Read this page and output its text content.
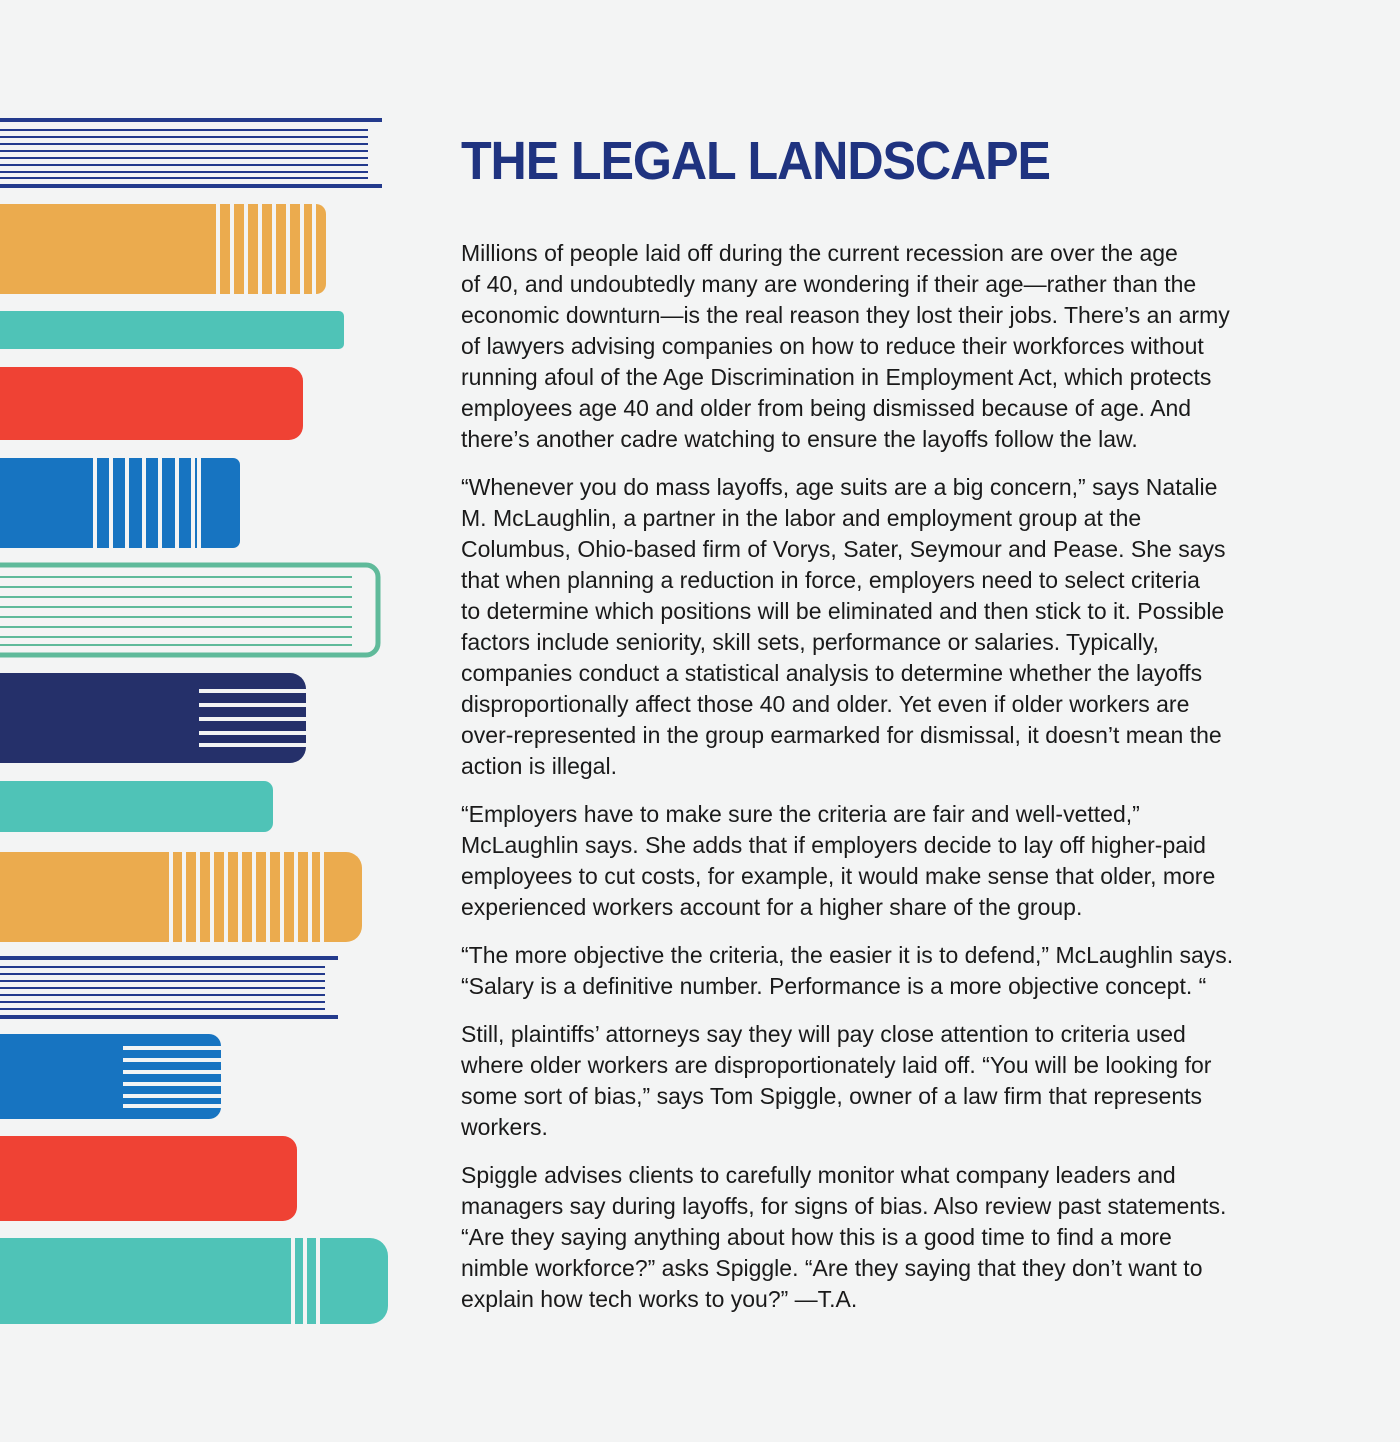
THE LEGAL LANDSCAPE

Millions of people laid off during the current recession are over the age
of 40, and undoubtedly many are wondering if their age—rather than the
economic downturn—is the real reason they lost their jobs. There’s an army
of lawyers advising companies on how to reduce their workforces without
running afoul of the Age Discrimination in Employment Act, which protects
employees age 40 and older from being dismissed because of age. And
there’s another cadre watching to ensure the layoffs follow the law.

“Whenever you do mass layoffs, age suits are a big concern,” says Natalie
M. McLaughlin, a partner in the labor and employment group at the
Columbus, Ohio-based firm of Vorys, Sater, Seymour and Pease. She says
that when planning a reduction in force, employers need to select criteria
to determine which positions will be eliminated and then stick to it. Possible
factors include seniority, skill sets, performance or salaries. Typically,
companies conduct a statistical analysis to determine whether the layoffs
disproportionally affect those 40 and older. Yet even if older workers are
over-represented in the group earmarked for dismissal, it doesn’t mean the
action is illegal.

“Employers have to make sure the criteria are fair and well-vetted,”
McLaughlin says. She adds that if employers decide to lay off higher-paid
employees to cut costs, for example, it would make sense that older, more
experienced workers account for a higher share of the group.

“The more objective the criteria, the easier it is to defend,” McLaughlin says.
“Salary is a definitive number. Performance is a more objective concept. “

Still, plaintiffs’ attorneys say they will pay close attention to criteria used
where older workers are disproportionately laid off. “You will be looking for
some sort of bias,” says Tom Spiggle, owner of a law firm that represents
workers.

Spiggle advises clients to carefully monitor what company leaders and
managers say during layoffs, for signs of bias. Also review past statements.
“Are they saying anything about how this is a good time to find a more
nimble workforce?” asks Spiggle. “Are they saying that they don’t want to
explain how tech works to you?” —T.A.
